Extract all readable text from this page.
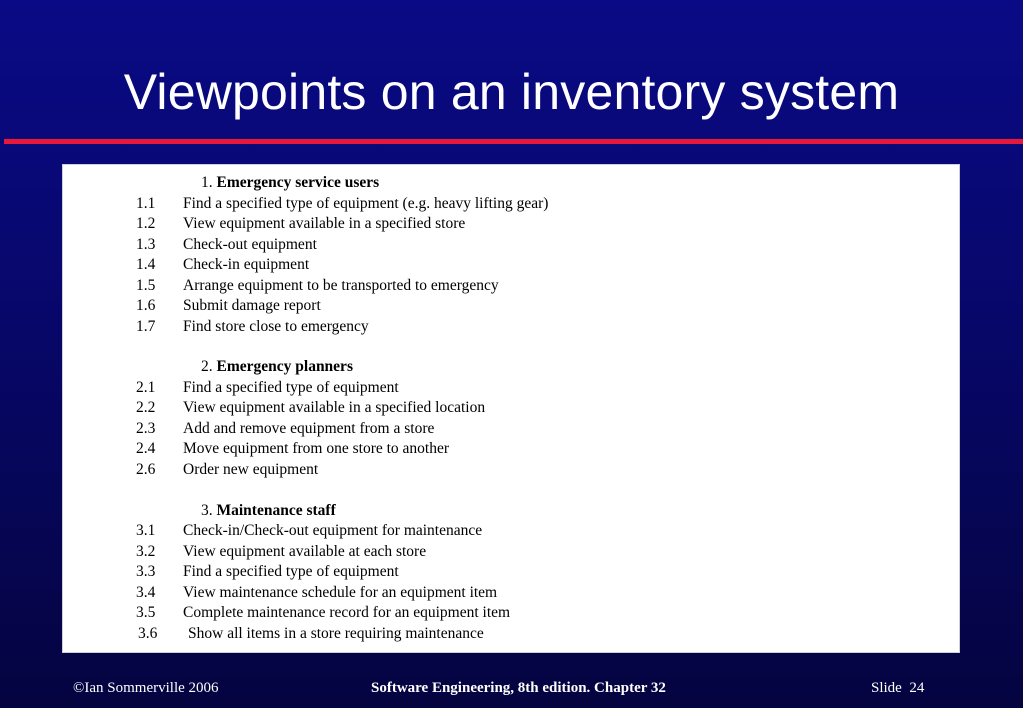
Viewpoints on an inventory system
1. Emergency service users
1.1 Find a specified type of equipment (e.g. heavy lifting gear)
1.2 View equipment available in a specified store
1.3 Check-out equipment
1.4 Check-in equipment
1.5 Arrange equipment to be transported to emergency
1.6 Submit damage report
1.7 Find store close to emergency
2. Emergency planners
2.1 Find a specified type of equipment
2.2 View equipment available in a specified location
2.3 Add and remove equipment from a store
2.4 Move equipment from one store to another
2.6 Order new equipment
3. Maintenance staff
3.1 Check-in/Check-out equipment for maintenance
3.2 View equipment available at each store
3.3 Find a specified type of equipment
3.4 View maintenance schedule for an equipment item
3.5 Complete maintenance record for an equipment item
3.6 Show all items in a store requiring maintenance
©Ian Sommerville 2006	Software Engineering, 8th edition. Chapter 32	Slide 24
